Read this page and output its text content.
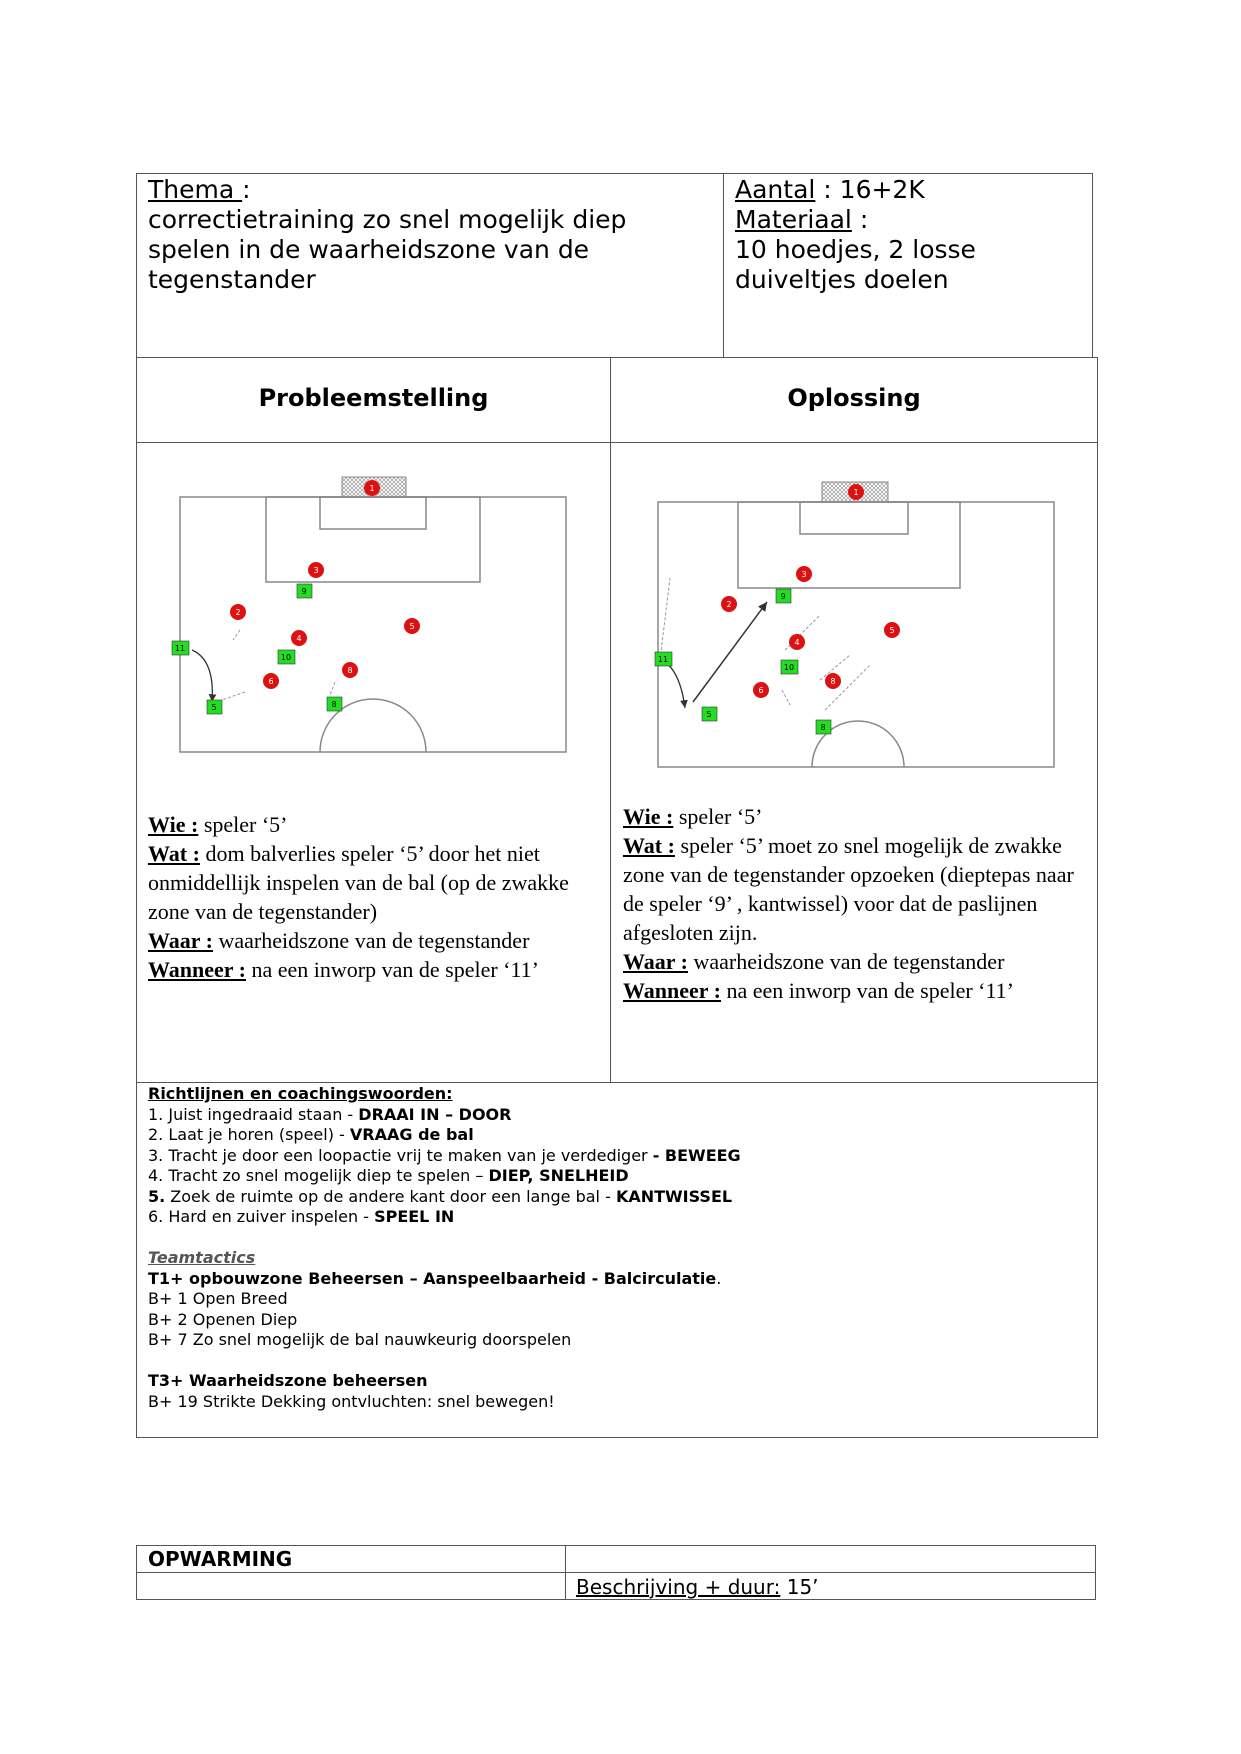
Thema :
correctietraining zo snel mogelijk diep spelen in de waarheidszone van de tegenstander
Aantal : 16+2K
Materiaal :
10 hoedjes, 2 losse duiveltjes doelen
Probleemstelling	Oplossing
1
3
2
4
5
6
8
9
10
11
5	8
1
3
2
4
5
6
8
9
10
11
5
8
Wie : speler ‘5’
Wat : dom balverlies speler ‘5’ door het niet onmiddellijk inspelen van de bal (op de zwakke zone van de tegenstander)
Waar : waarheidszone van de tegenstander
Wanneer : na een inworp van de speler ‘11’
Wie : speler ‘5’
Wat : speler ‘5’ moet zo snel mogelijk de zwakke zone van de tegenstander opzoeken (dieptepas naar de speler ‘9’ , kantwissel) voor dat de paslijnen afgesloten zijn.
Waar : waarheidszone van de tegenstander
Wanneer : na een inworp van de speler ‘11’
Richtlijnen en coachingswoorden:
1. Juist ingedraaid staan - DRAAI IN – DOOR
2. Laat je horen (speel) - VRAAG de bal
3. Tracht je door een loopactie vrij te maken van je verdediger - BEWEEG
4. Tracht zo snel mogelijk diep te spelen – DIEP, SNELHEID
5. Zoek de ruimte op de andere kant door een lange bal - KANTWISSEL
6. Hard en zuiver inspelen - SPEEL IN

Teamtactics
T1+ opbouwzone Beheersen – Aanspeelbaarheid - Balcirculatie.
B+ 1 Open Breed
B+ 2 Openen Diep
B+ 7 Zo snel mogelijk de bal nauwkeurig doorspelen

T3+ Waarheidszone beheersen
B+ 19 Strikte Dekking ontvluchten: snel bewegen!
OPWARMING
Beschrijving + duur: 15’
